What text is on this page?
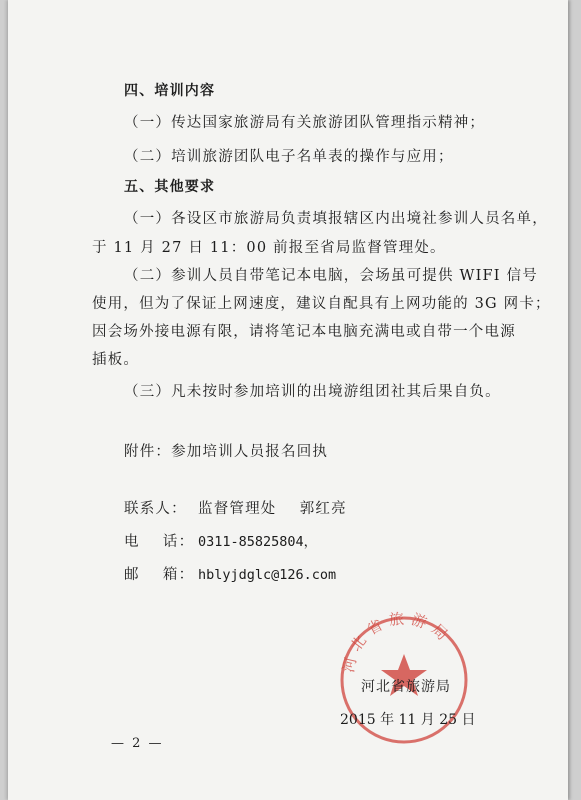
四、培训内容
（一）传达国家旅游局有关旅游团队管理指示精神；
（二）培训旅游团队电子名单表的操作与应用；
五、其他要求
（一）各设区市旅游局负责填报辖区内出境社参训人员名单，
于 11 月 27 日 11：00 前报至省局监督管理处。
（二）参训人员自带笔记本电脑，会场虽可提供 WIFI 信号
使用，但为了保证上网速度，建议自配具有上网功能的 3G 网卡；
因会场外接电源有限，请将笔记本电脑充满电或自带一个电源
插板。
（三）凡未按时参加培训的出境游组团社其后果自负。
附件：参加培训人员报名回执
联系人： 监督管理处    郭红亮
电    话： 0311-85825804，
邮    箱： hblyjdglc@126.com
河北省旅游局
河北省旅游局
2015 年 11 月 25 日
— 2 —
